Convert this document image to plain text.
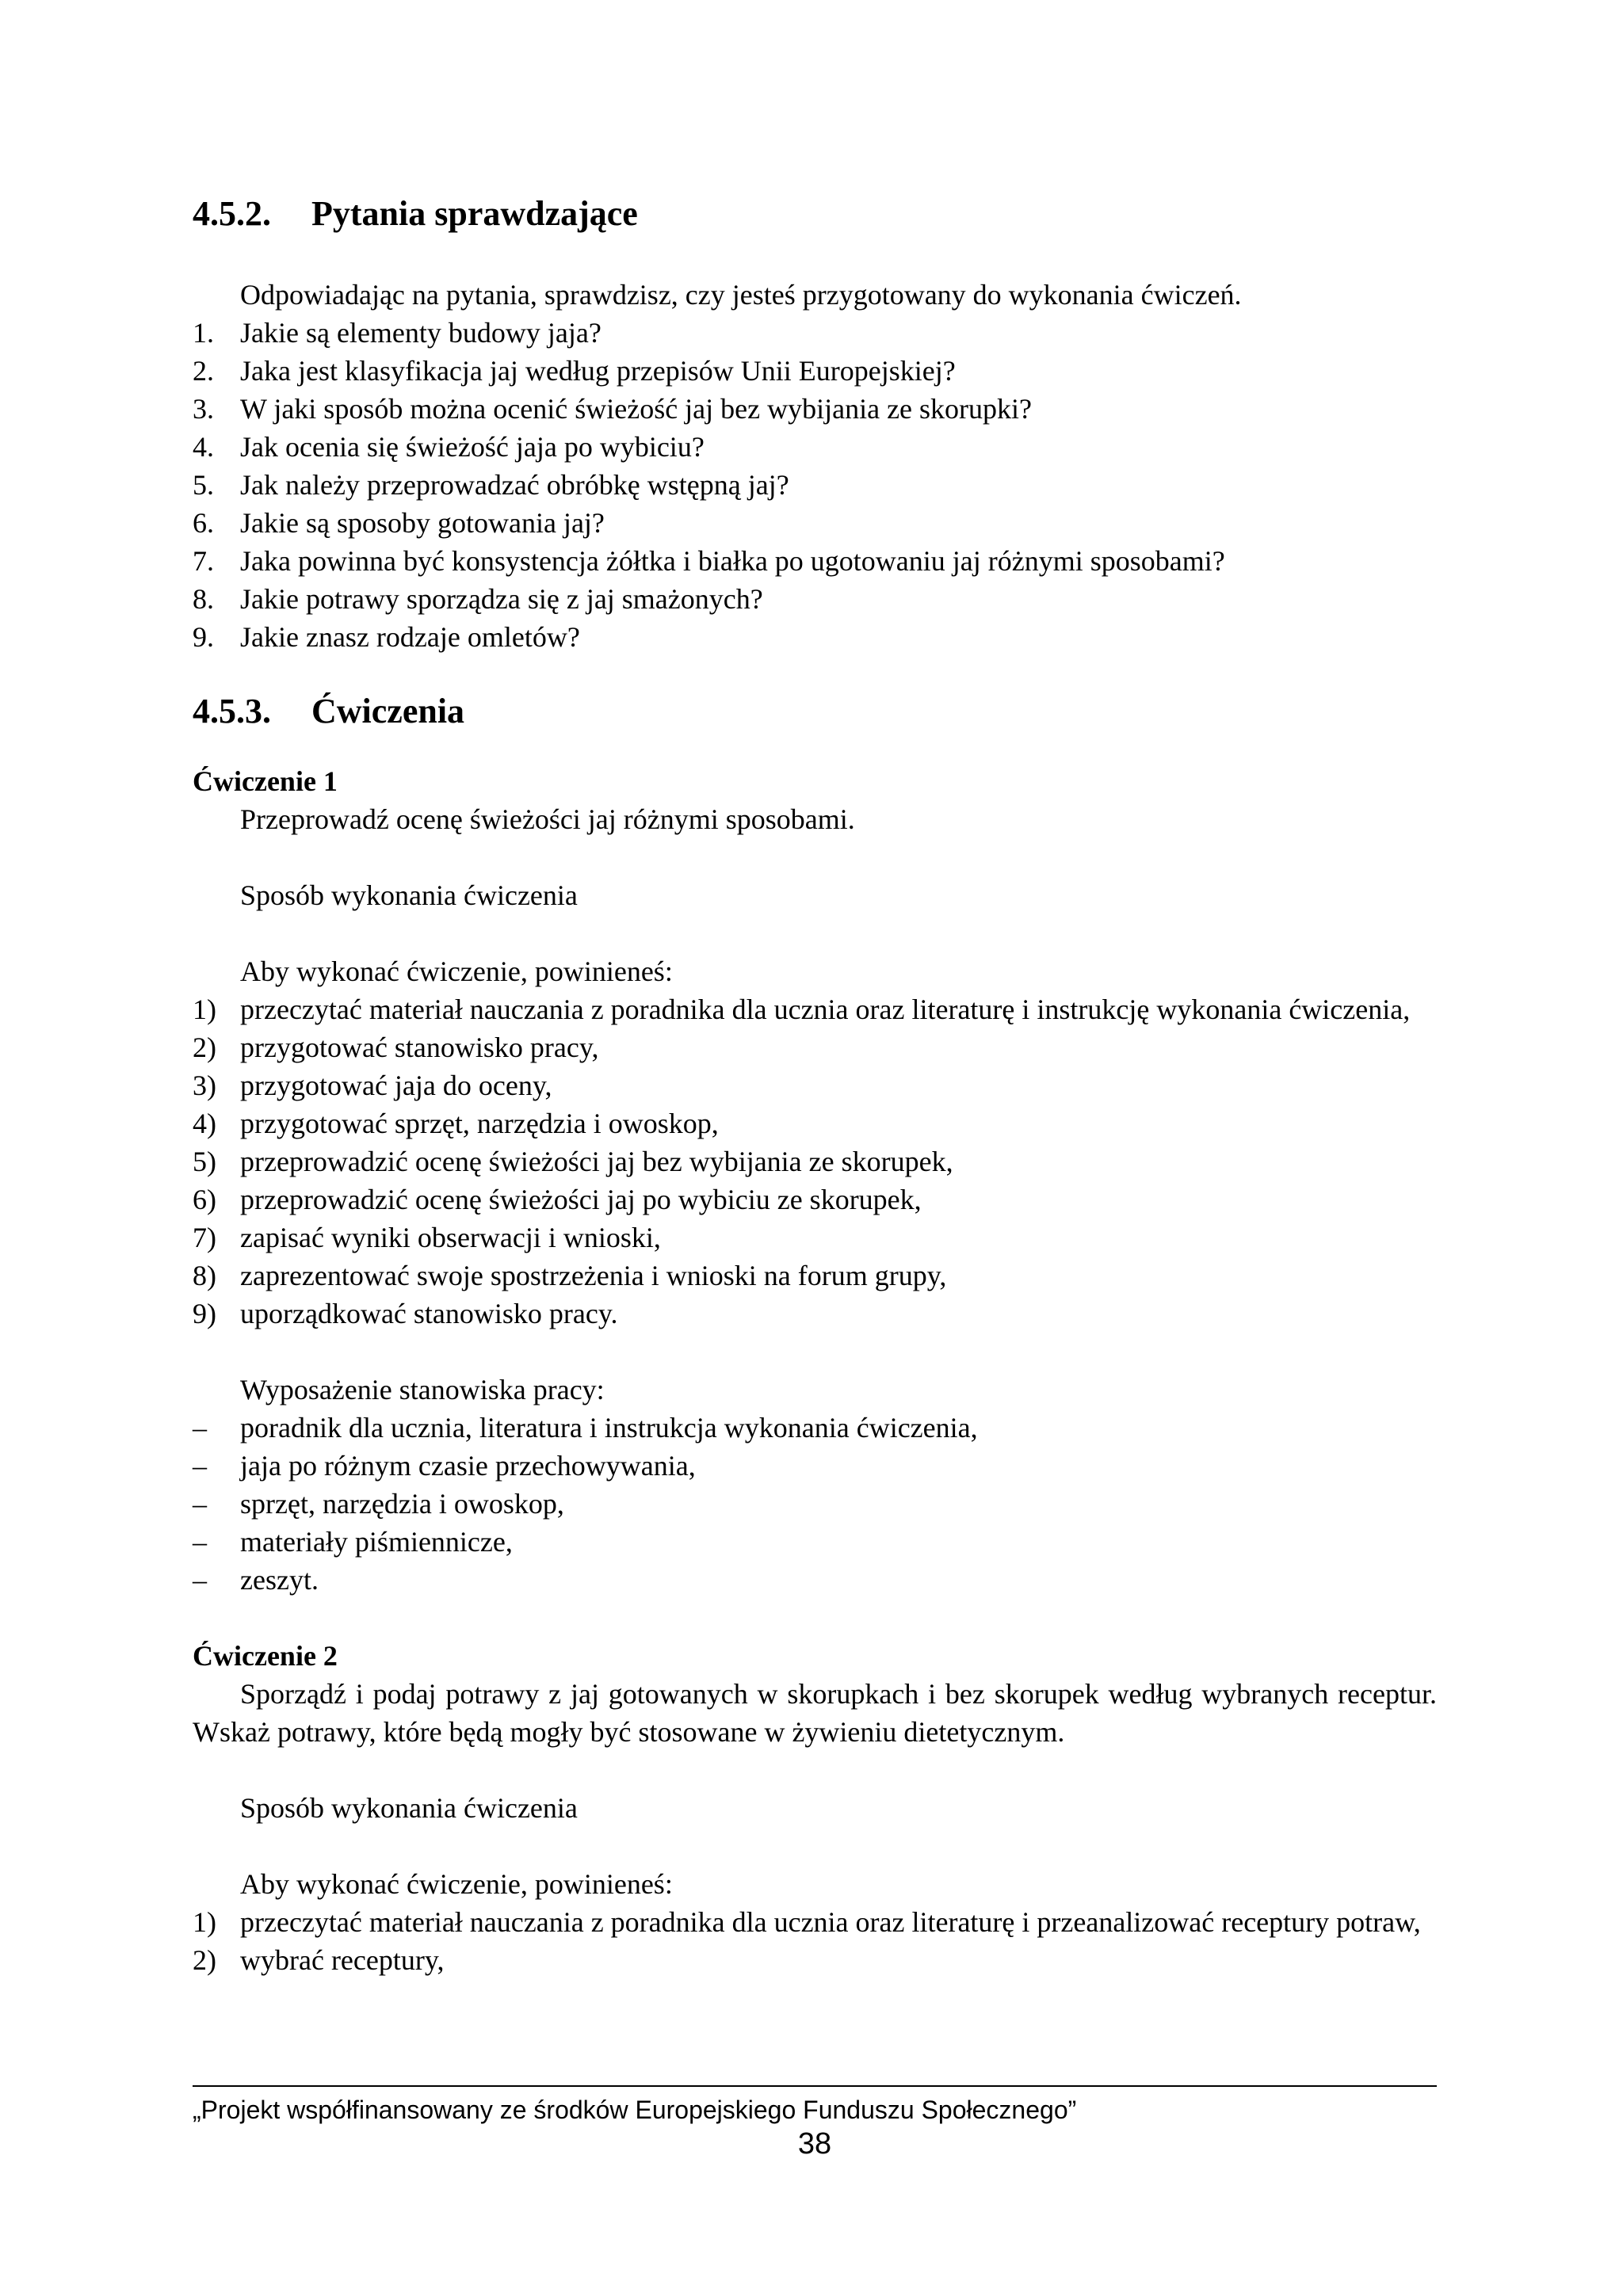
4.5.2. Pytania sprawdzające

Odpowiadając na pytania, sprawdzisz, czy jesteś przygotowany do wykonania ćwiczeń.

1. Jakie są elementy budowy jaja?
2. Jaka jest klasyfikacja jaj według przepisów Unii Europejskiej?
3. W jaki sposób można ocenić świeżość jaj bez wybijania ze skorupki?
4. Jak ocenia się świeżość jaja po wybiciu?
5. Jak należy przeprowadzać obróbkę wstępną jaj?
6. Jakie są sposoby gotowania jaj?
7. Jaka powinna być konsystencja żółtka i białka po ugotowaniu jaj różnymi sposobami?
8. Jakie potrawy sporządza się z jaj smażonych?
9. Jakie znasz rodzaje omletów?
4.5.3. Ćwiczenia

Ćwiczenie 1

Przeprowadź ocenę świeżości jaj różnymi sposobami.

Sposób wykonania ćwiczenia

Aby wykonać ćwiczenie, powinieneś:

1) przeczytać materiał nauczania z poradnika dla ucznia oraz literaturę i instrukcję wykonania ćwiczenia,
2) przygotować stanowisko pracy,
3) przygotować jaja do oceny,
4) przygotować sprzęt, narzędzia i owoskop,
5) przeprowadzić ocenę świeżości jaj bez wybijania ze skorupek,
6) przeprowadzić ocenę świeżości jaj po wybiciu ze skorupek,
7) zapisać wyniki obserwacji i wnioski,
8) zaprezentować swoje spostrzeżenia i wnioski na forum grupy,
9) uporządkować stanowisko pracy.

Wyposażenie stanowiska pracy:

–	poradnik dla ucznia, literatura i instrukcja wykonania ćwiczenia,
–	jaja po różnym czasie przechowywania,
–	sprzęt, narzędzia i owoskop,
–	materiały piśmiennicze,
–	zeszyt.

Ćwiczenie 2

Sporządź i podaj potrawy z jaj gotowanych w skorupkach i bez skorupek według wybranych receptur. Wskaż potrawy, które będą mogły być stosowane w żywieniu dietetycznym.

Sposób wykonania ćwiczenia

Aby wykonać ćwiczenie, powinieneś:

1) przeczytać materiał nauczania z poradnika dla ucznia oraz literaturę i przeanalizować receptury potraw,
2) wybrać receptury,
„Projekt współfinansowany ze środków Europejskiego Funduszu Społecznego”
38
